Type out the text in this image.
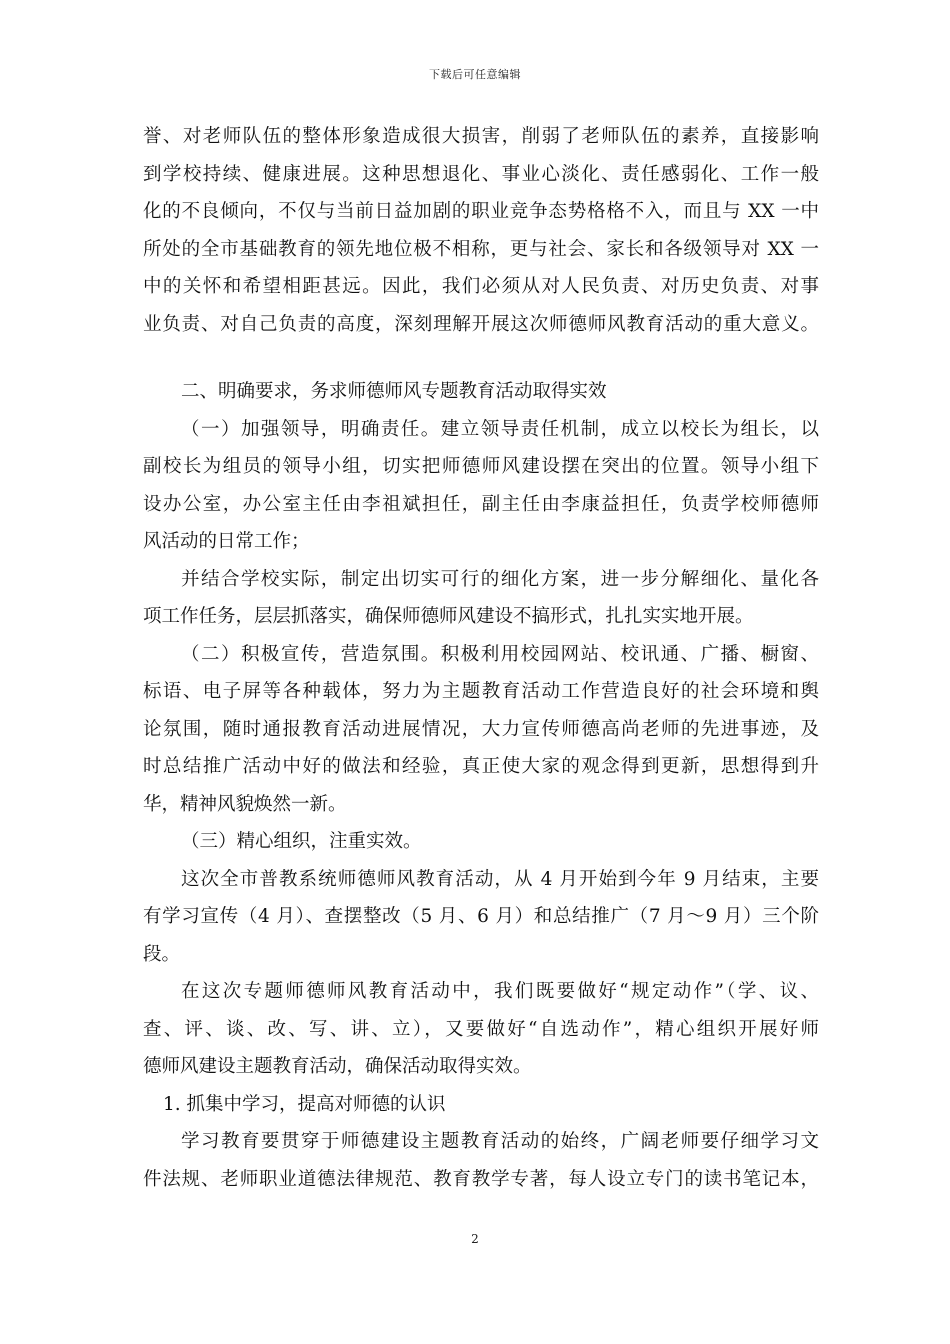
下载后可任意编辑
誉、对老师队伍的整体形象造成很大损害，削弱了老师队伍的素养，直接影响
到学校持续、健康进展。这种思想退化、事业心淡化、责任感弱化、工作一般
化的不良倾向，不仅与当前日益加剧的职业竞争态势格格不入，而且与 XX 一中
所处的全市基础教育的领先地位极不相称，更与社会、家长和各级领导对 XX 一
中的关怀和希望相距甚远。因此，我们必须从对人民负责、对历史负责、对事
业负责、对自己负责的高度，深刻理解开展这次师德师风教育活动的重大意义。
二、明确要求，务求师德师风专题教育活动取得实效
（一）加强领导，明确责任。建立领导责任机制，成立以校长为组长，以
副校长为组员的领导小组，切实把师德师风建设摆在突出的位置。领导小组下
设办公室，办公室主任由李祖斌担任，副主任由李康益担任，负责学校师德师
风活动的日常工作；
并结合学校实际，制定出切实可行的细化方案，进一步分解细化、量化各
项工作任务，层层抓落实，确保师德师风建设不搞形式，扎扎实实地开展。
（二）积极宣传，营造氛围。积极利用校园网站、校讯通、广播、橱窗、
标语、电子屏等各种载体，努力为主题教育活动工作营造良好的社会环境和舆
论氛围，随时通报教育活动进展情况，大力宣传师德高尚老师的先进事迹，及
时总结推广活动中好的做法和经验，真正使大家的观念得到更新，思想得到升
华，精神风貌焕然一新。
（三）精心组织，注重实效。
这次全市普教系统师德师风教育活动，从 4 月开始到今年 9 月结束，主要
有学习宣传（4 月）、查摆整改（5 月、6 月）和总结推广（7 月～9 月）三个阶
段。
在这次专题师德师风教育活动中，我们既要做好“规定动作”（学、议、
查、评、谈、改、写、讲、立），又要做好“自选动作”，精心组织开展好师
德师风建设主题教育活动，确保活动取得实效。
1. 抓集中学习，提高对师德的认识
学习教育要贯穿于师德建设主题教育活动的始终，广阔老师要仔细学习文
件法规、老师职业道德法律规范、教育教学专著，每人设立专门的读书笔记本，
2
